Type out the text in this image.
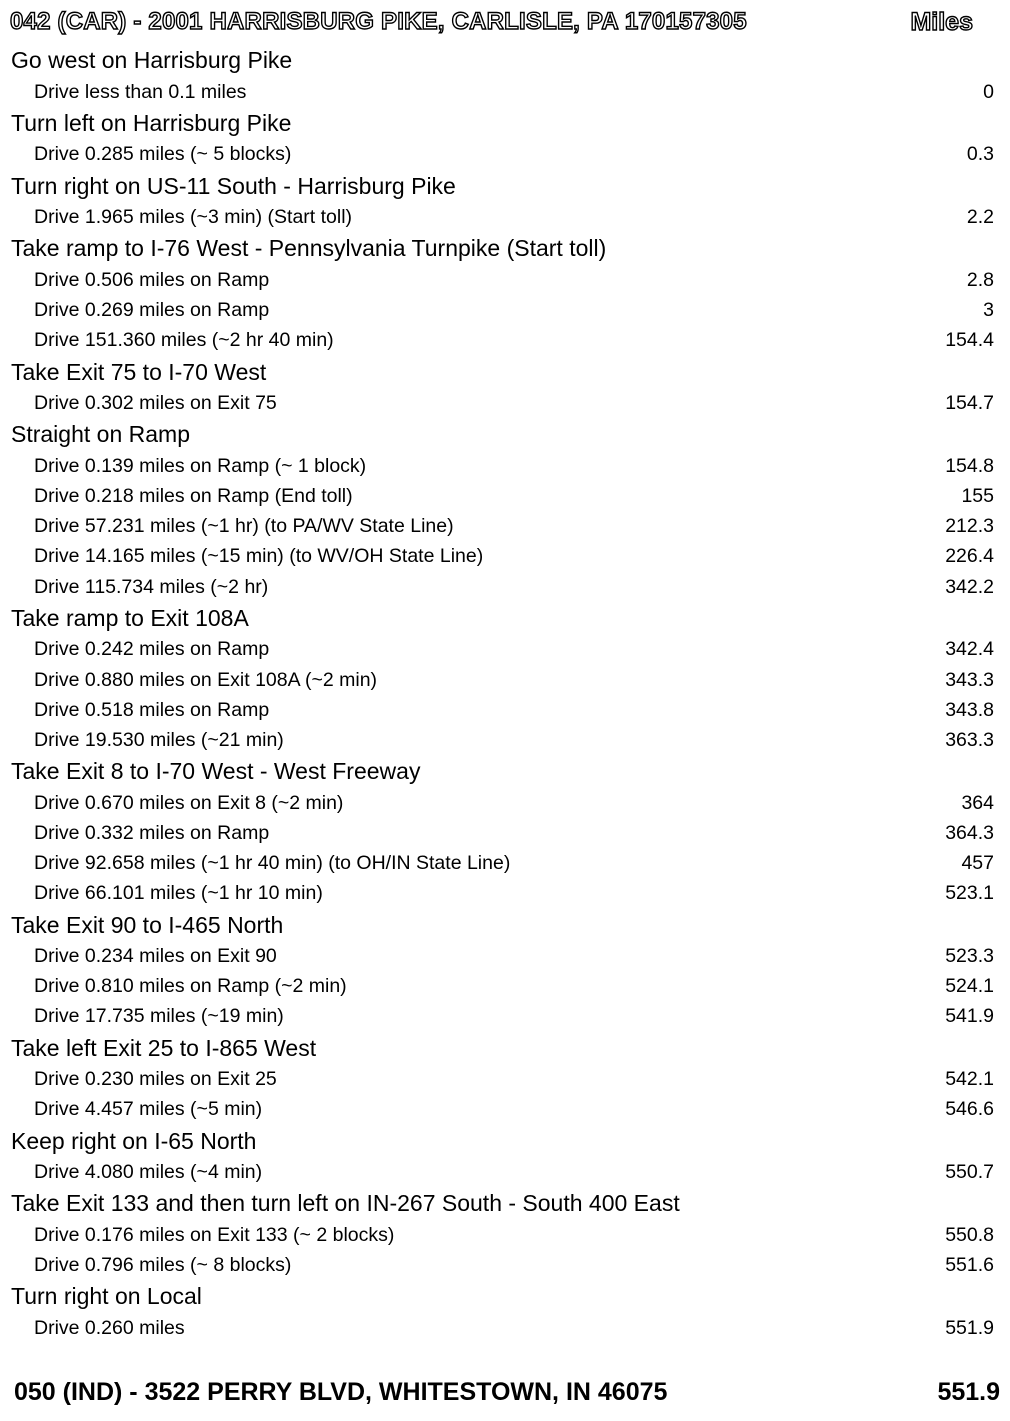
042 (CAR) - 2001 HARRISBURG PIKE, CARLISLE, PA 170157305	Miles
Go west on Harrisburg Pike
Drive less than 0.1 miles	0
Turn left on Harrisburg Pike
Drive 0.285 miles (~ 5 blocks)	0.3
Turn right on US-11 South - Harrisburg Pike
Drive 1.965 miles (~3 min) (Start toll)	2.2
Take ramp to I-76 West - Pennsylvania Turnpike (Start toll)
Drive 0.506 miles on Ramp	2.8
Drive 0.269 miles on Ramp	3
Drive 151.360 miles (~2 hr 40 min)	154.4
Take Exit 75 to I-70 West
Drive 0.302 miles on Exit 75	154.7
Straight on Ramp
Drive 0.139 miles on Ramp (~ 1 block)	154.8
Drive 0.218 miles on Ramp (End toll)	155
Drive 57.231 miles (~1 hr) (to PA/WV State Line)	212.3
Drive 14.165 miles (~15 min) (to WV/OH State Line)	226.4
Drive 115.734 miles (~2 hr)	342.2
Take ramp to Exit 108A
Drive 0.242 miles on Ramp	342.4
Drive 0.880 miles on Exit 108A (~2 min)	343.3
Drive 0.518 miles on Ramp	343.8
Drive 19.530 miles (~21 min)	363.3
Take Exit 8 to I-70 West - West Freeway
Drive 0.670 miles on Exit 8 (~2 min)	364
Drive 0.332 miles on Ramp	364.3
Drive 92.658 miles (~1 hr 40 min) (to OH/IN State Line)	457
Drive 66.101 miles (~1 hr 10 min)	523.1
Take Exit 90 to I-465 North
Drive 0.234 miles on Exit 90	523.3
Drive 0.810 miles on Ramp (~2 min)	524.1
Drive 17.735 miles (~19 min)	541.9
Take left Exit 25 to I-865 West
Drive 0.230 miles on Exit 25	542.1
Drive 4.457 miles (~5 min)	546.6
Keep right on I-65 North
Drive 4.080 miles (~4 min)	550.7
Take Exit 133 and then turn left on IN-267 South - South 400 East
Drive 0.176 miles on Exit 133 (~ 2 blocks)	550.8
Drive 0.796 miles (~ 8 blocks)	551.6
Turn right on Local
Drive 0.260 miles	551.9
050 (IND) - 3522 PERRY BLVD, WHITESTOWN, IN 46075	551.9
